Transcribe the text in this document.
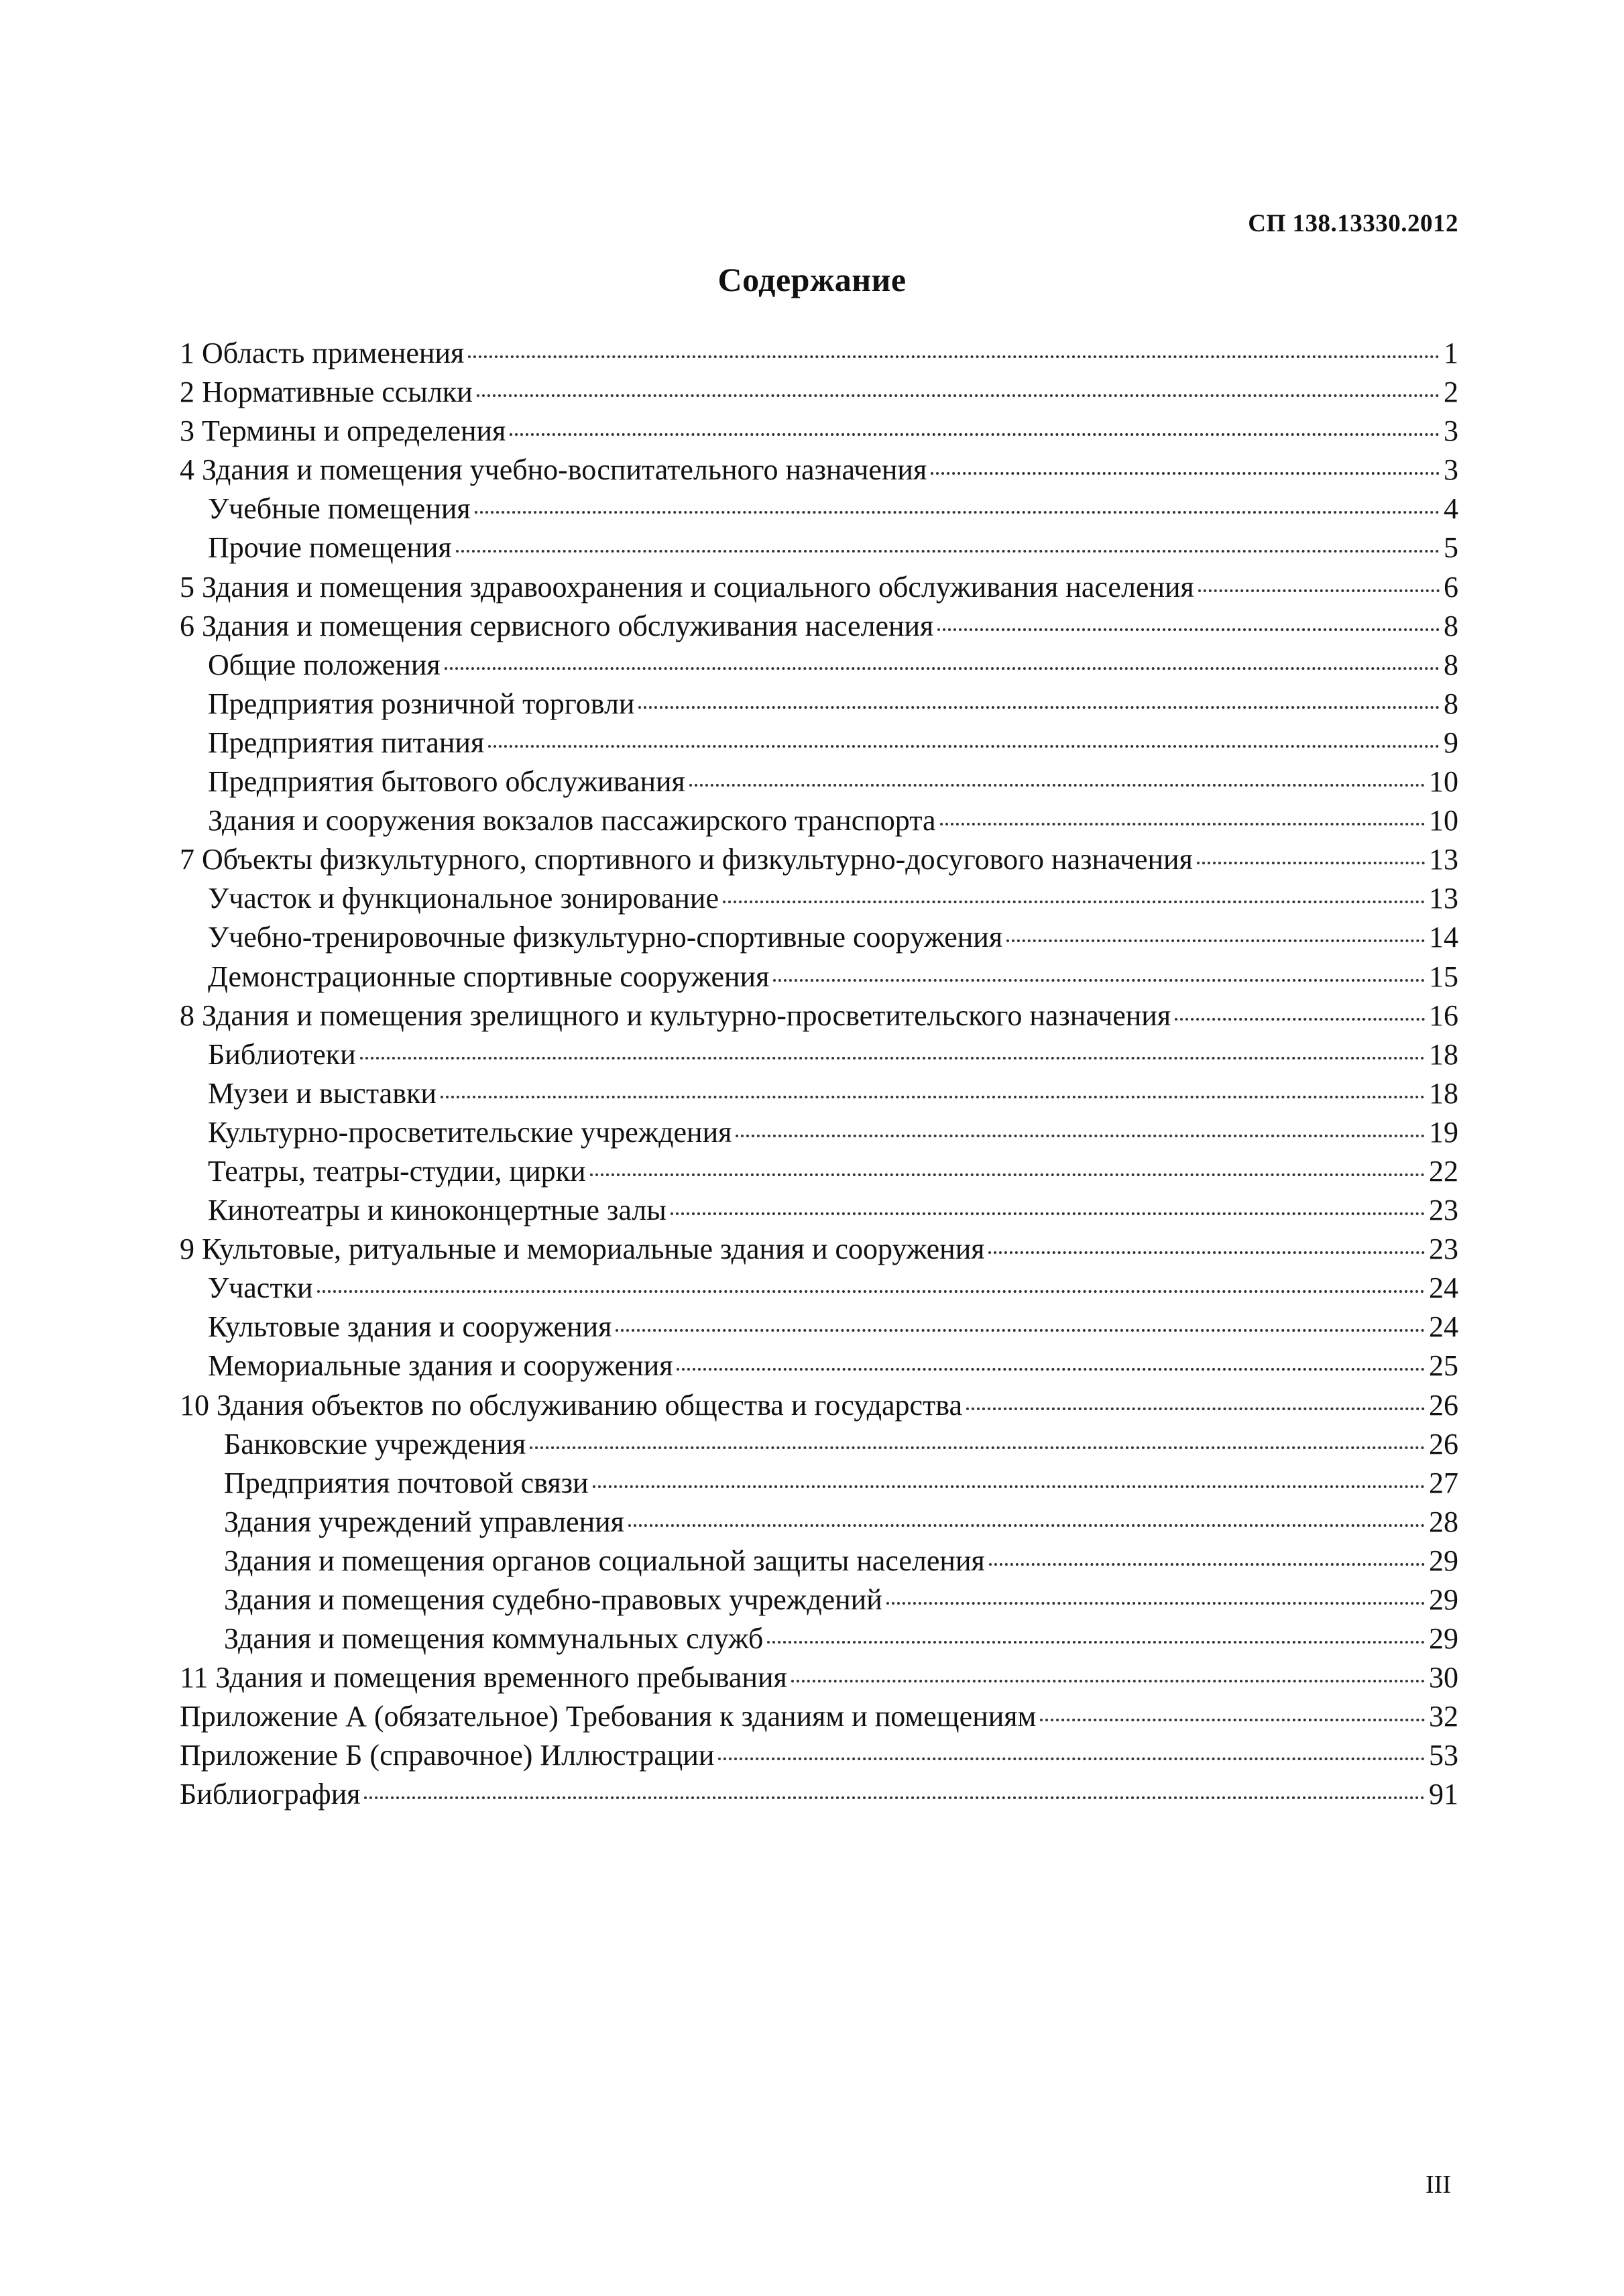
СП 138.13330.2012
Содержание
1 Область применения	1
2 Нормативные ссылки	2
3 Термины и определения	3
4 Здания и помещения учебно-воспитательного назначения	3
Учебные помещения	4
Прочие помещения	5
5 Здания и помещения здравоохранения и социального обслуживания населения	6
6 Здания и помещения сервисного обслуживания населения	8
Общие положения	8
Предприятия розничной торговли	8
Предприятия питания	9
Предприятия бытового обслуживания	10
Здания и сооружения вокзалов пассажирского транспорта	10
7 Объекты физкультурного, спортивного и физкультурно-досугового назначения	13
Участок и функциональное зонирование	13
Учебно-тренировочные физкультурно-спортивные сооружения	14
Демонстрационные спортивные сооружения	15
8 Здания и помещения зрелищного и культурно-просветительского назначения	16
Библиотеки	18
Музеи и выставки	18
Культурно-просветительские учреждения	19
Театры, театры-студии, цирки	22
Кинотеатры и киноконцертные залы	23
9 Культовые, ритуальные и мемориальные здания и сооружения	23
Участки	24
Культовые здания и сооружения	24
Мемориальные здания и сооружения	25
10 Здания объектов по обслуживанию общества и государства	26
Банковские учреждения	26
Предприятия почтовой связи	27
Здания учреждений управления	28
Здания и помещения органов социальной защиты населения	29
Здания и помещения судебно-правовых учреждений	29
Здания и помещения коммунальных служб	29
11 Здания и помещения временного пребывания	30
Приложение А (обязательное) Требования к зданиям и помещениям	32
Приложение Б (справочное) Иллюстрации	53
Библиография	91
III
